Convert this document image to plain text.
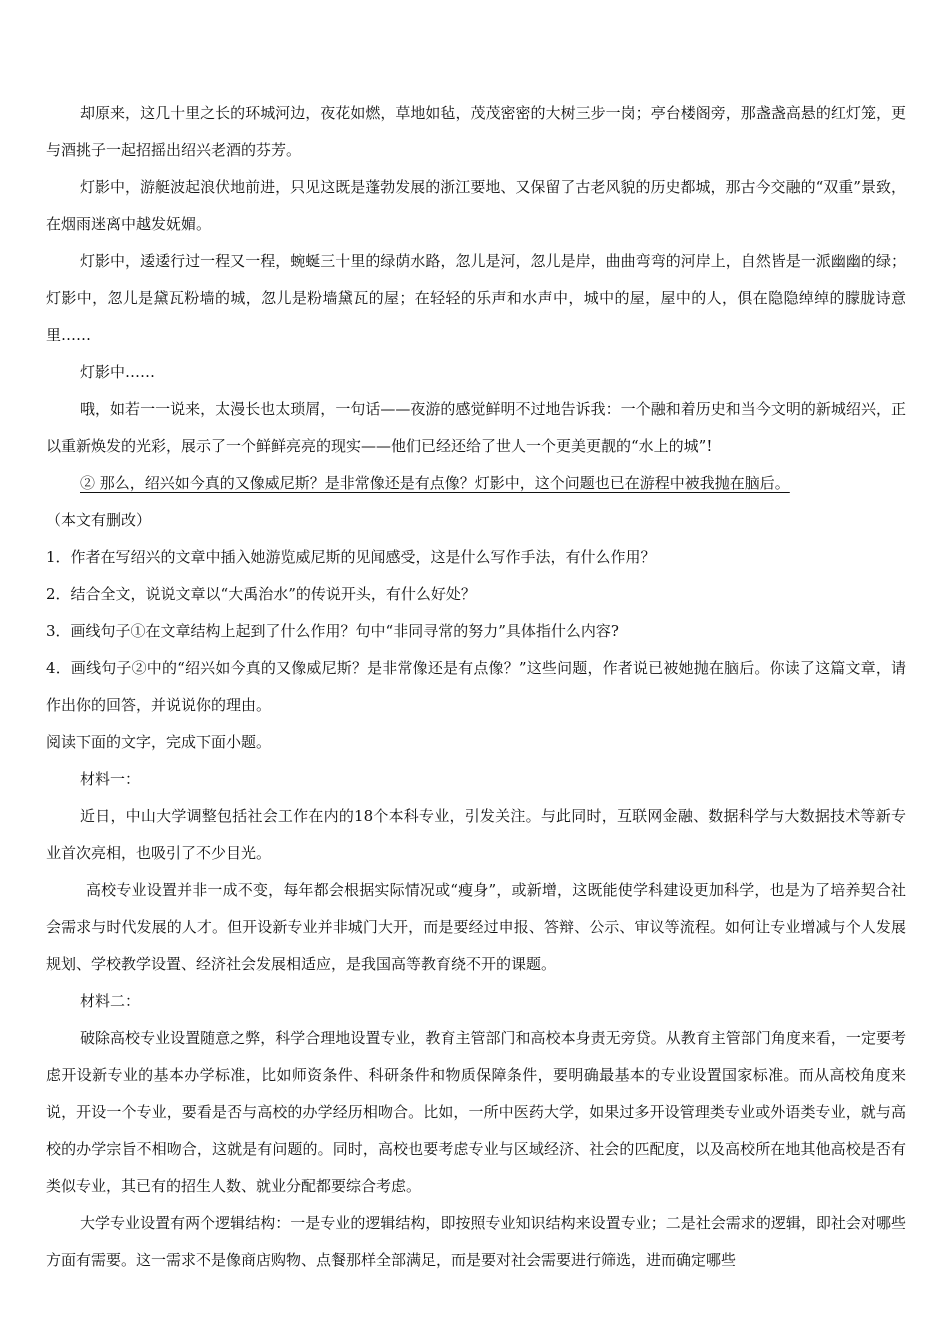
却原来，这几十里之长的环城河边，夜花如燃，草地如毡，茂茂密密的大树三步一岗；亭台楼阁旁，那盏盏高悬的红灯笼，更与酒挑子一起招摇出绍兴老酒的芬芳。

灯影中，游艇波起浪伏地前进，只见这既是蓬勃发展的浙江要地、又保留了古老风貌的历史都城，那古今交融的“双重”景致，在烟雨迷离中越发妩媚。

灯影中，逶逶行过一程又一程，蜿蜒三十里的绿荫水路，忽儿是河，忽儿是岸，曲曲弯弯的河岸上，自然皆是一派幽幽的绿；灯影中，忽儿是黛瓦粉墙的城，忽儿是粉墙黛瓦的屋；在轻轻的乐声和水声中，城中的屋，屋中的人，俱在隐隐绰绰的朦胧诗意里……

灯影中……

哦，如若一一说来，太漫长也太琐屑，一句话——夜游的感觉鲜明不过地告诉我：一个融和着历史和当今文明的新城绍兴，正以重新焕发的光彩，展示了一个鲜鲜亮亮的现实——他们已经还给了世人一个更美更靓的“水上的城”!

② 那么，绍兴如今真的又像威尼斯？是非常像还是有点像？灯影中，这个问题也已在游程中被我抛在脑后。

（本文有删改）

1．作者在写绍兴的文章中插入她游览威尼斯的见闻感受，这是什么写作手法，有什么作用？

2．结合全文，说说文章以“大禹治水”的传说开头，有什么好处？

3．画线句子①在文章结构上起到了什么作用？句中“非同寻常的努力”具体指什么内容?

4．画线句子②中的“绍兴如今真的又像威尼斯？是非常像还是有点像？”这些问题，作者说已被她抛在脑后。你读了这篇文章，请作出你的回答，并说说你的理由。

阅读下面的文字，完成下面小题。

材料一：

近日，中山大学调整包括社会工作在内的18个本科专业，引发关注。与此同时，互联网金融、数据科学与大数据技术等新专业首次亮相，也吸引了不少目光。

高校专业设置并非一成不变，每年都会根据实际情况或“瘦身”，或新增，这既能使学科建设更加科学，也是为了培养契合社会需求与时代发展的人才。但开设新专业并非城门大开，而是要经过申报、答辩、公示、审议等流程。如何让专业增减与个人发展规划、学校教学设置、经济社会发展相适应，是我国高等教育绕不开的课题。

材料二：

破除高校专业设置随意之弊，科学合理地设置专业，教育主管部门和高校本身责无旁贷。从教育主管部门角度来看，一定要考虑开设新专业的基本办学标准，比如师资条件、科研条件和物质保障条件，要明确最基本的专业设置国家标准。而从高校角度来说，开设一个专业，要看是否与高校的办学经历相吻合。比如，一所中医药大学，如果过多开设管理类专业或外语类专业，就与高校的办学宗旨不相吻合，这就是有问题的。同时，高校也要考虑专业与区域经济、社会的匹配度，以及高校所在地其他高校是否有类似专业，其已有的招生人数、就业分配都要综合考虑。

大学专业设置有两个逻辑结构：一是专业的逻辑结构，即按照专业知识结构来设置专业；二是社会需求的逻辑，即社会对哪些方面有需要。这一需求不是像商店购物、点餐那样全部满足，而是要对社会需要进行筛选，进而确定哪些
